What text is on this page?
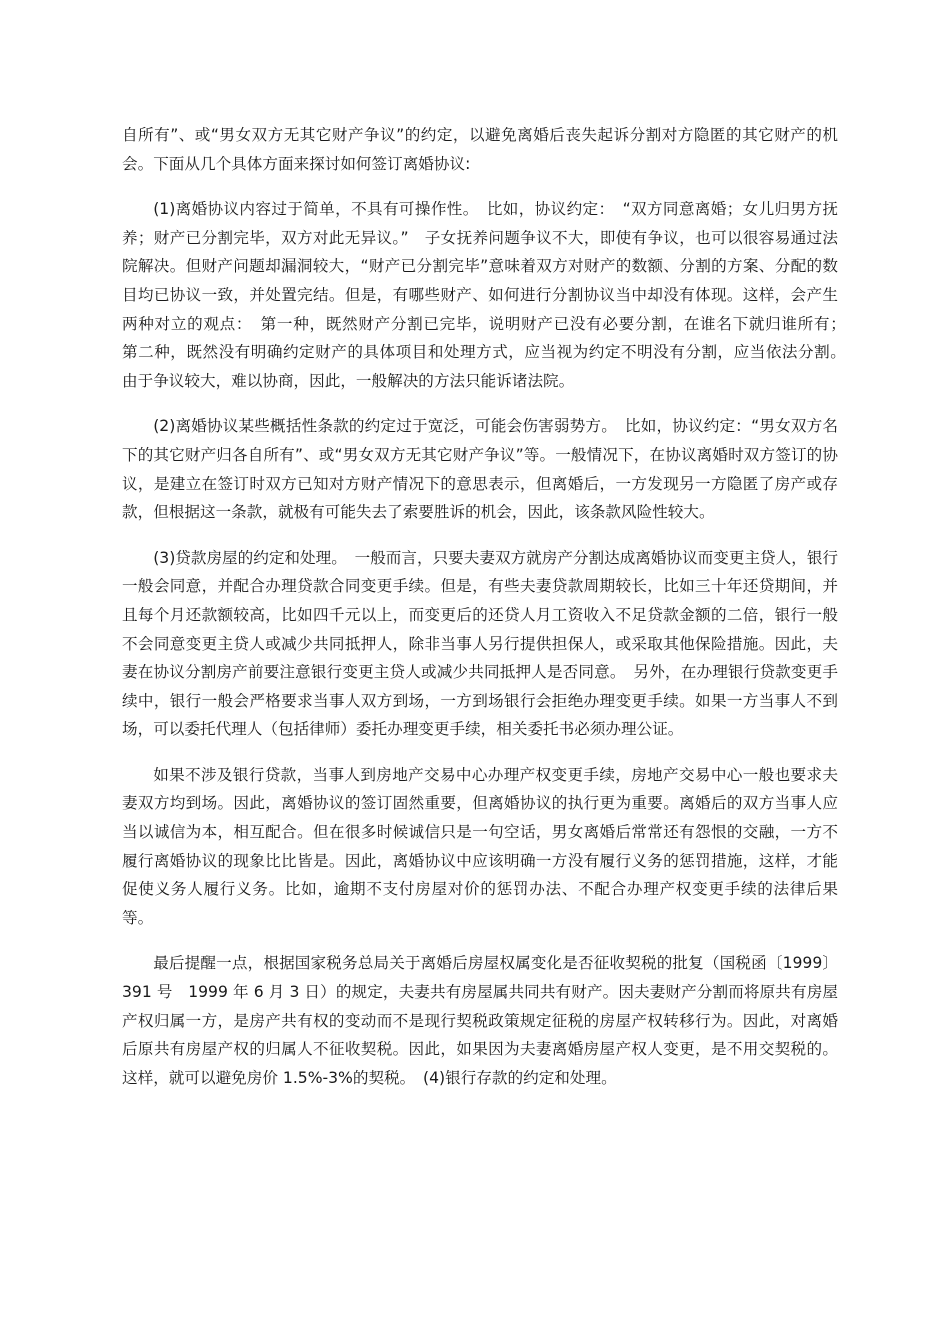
自所有”、或“男女双方无其它财产争议”的约定，以避免离婚后丧失起诉分割对方隐匿的其它财产的机会。下面从几个具体方面来探讨如何签订离婚协议:

(1)离婚协议内容过于简单，不具有可操作性。　比如，协议约定：　“双方同意离婚；女儿归男方抚养；财产已分割完毕，双方对此无异议。”　子女抚养问题争议不大，即使有争议，也可以很容易通过法院解决。但财产问题却漏洞较大，“财产已分割完毕”意味着双方对财产的数额、分割的方案、分配的数目均已协议一致，并处置完结。但是，有哪些财产、如何进行分割协议当中却没有体现。这样，会产生两种对立的观点：　第一种，既然财产分割已完毕，说明财产已没有必要分割，在谁名下就归谁所有；　第二种，既然没有明确约定财产的具体项目和处理方式，应当视为约定不明没有分割，应当依法分割。　由于争议较大，难以协商，因此，一般解决的方法只能诉诸法院。

(2)离婚协议某些概括性条款的约定过于宽泛，可能会伤害弱势方。　比如，协议约定：“男女双方名下的其它财产归各自所有”、或“男女双方无其它财产争议”等。一般情况下，在协议离婚时双方签订的协议，是建立在签订时双方已知对方财产情况下的意思表示，但离婚后，一方发现另一方隐匿了房产或存款，但根据这一条款，就极有可能失去了索要胜诉的机会，因此，该条款风险性较大。

(3)贷款房屋的约定和处理。　一般而言，只要夫妻双方就房产分割达成离婚协议而变更主贷人，银行一般会同意，并配合办理贷款合同变更手续。但是，有些夫妻贷款周期较长，比如三十年还贷期间，并且每个月还款额较高，比如四千元以上，而变更后的还贷人月工资收入不足贷款金额的二倍，银行一般不会同意变更主贷人或减少共同抵押人，除非当事人另行提供担保人，或采取其他保险措施。因此，夫妻在协议分割房产前要注意银行变更主贷人或减少共同抵押人是否同意。　另外，在办理银行贷款变更手续中，银行一般会严格要求当事人双方到场，一方到场银行会拒绝办理变更手续。如果一方当事人不到场，可以委托代理人（包括律师）委托办理变更手续，相关委托书必须办理公证。

如果不涉及银行贷款，当事人到房地产交易中心办理产权变更手续，房地产交易中心一般也要求夫妻双方均到场。因此，离婚协议的签订固然重要，但离婚协议的执行更为重要。离婚后的双方当事人应当以诚信为本，相互配合。但在很多时候诚信只是一句空话，男女离婚后常常还有怨恨的交融，一方不履行离婚协议的现象比比皆是。因此，离婚协议中应该明确一方没有履行义务的惩罚措施，这样，才能促使义务人履行义务。比如，逾期不支付房屋对价的惩罚办法、不配合办理产权变更手续的法律后果等。

最后提醒一点，根据国家税务总局关于离婚后房屋权属变化是否征收契税的批复（国税函〔1999〕391 号　1999 年 6 月 3 日）的规定，夫妻共有房屋属共同共有财产。因夫妻财产分割而将原共有房屋产权归属一方，是房产共有权的变动而不是现行契税政策规定征税的房屋产权转移行为。因此，对离婚后原共有房屋产权的归属人不征收契税。因此，如果因为夫妻离婚房屋产权人变更，是不用交契税的。这样，就可以避免房价 1.5%-3%的契税。　(4)银行存款的约定和处理。
